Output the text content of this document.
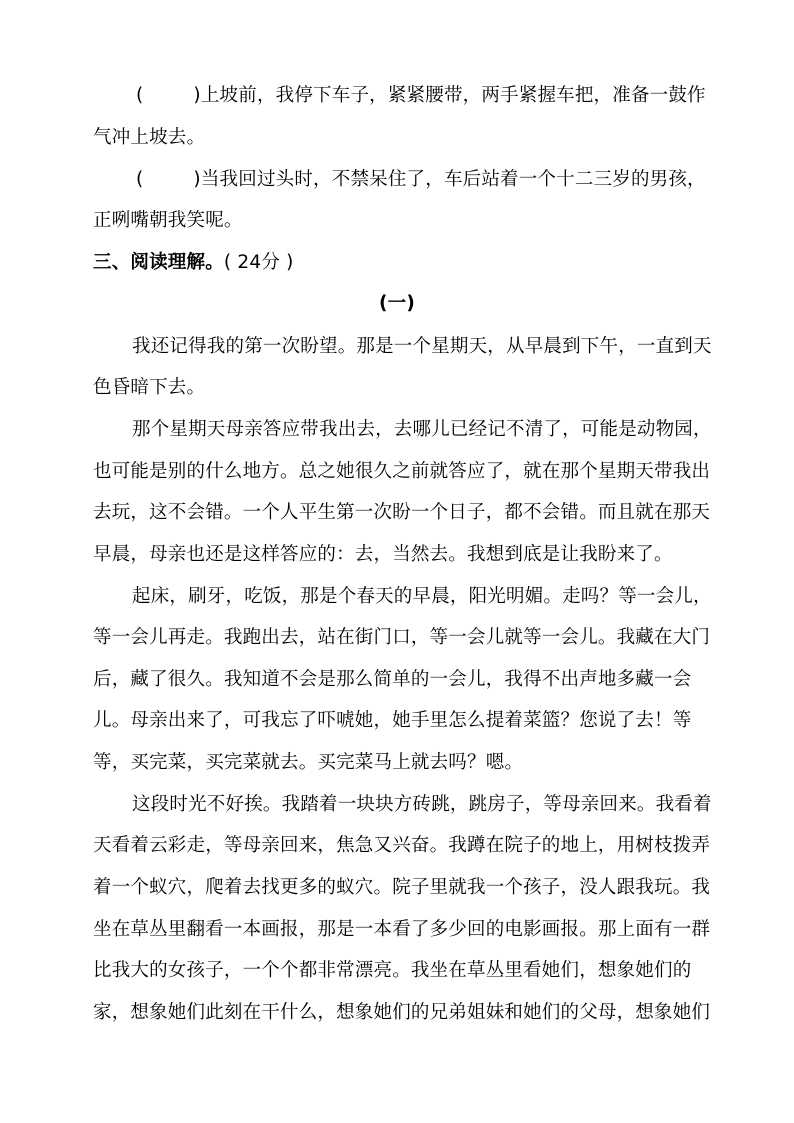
(	)上坡前，我停下车子，紧紧腰带，两手紧握车把，准备一鼓作
气冲上坡去。
(	)当我回过头时，不禁呆住了，车后站着一个十二三岁的男孩，
正咧嘴朝我笑呢。
三、阅读理解。( 24分 )
(一)
我还记得我的第一次盼望。那是一个星期天，从早晨到下午，一直到天
色昏暗下去。
那个星期天母亲答应带我出去，去哪儿已经记不清了，可能是动物园，
也可能是别的什么地方。总之她很久之前就答应了，就在那个星期天带我出
去玩，这不会错。一个人平生第一次盼一个日子，都不会错。而且就在那天
早晨，母亲也还是这样答应的：去，当然去。我想到底是让我盼来了。
起床，刷牙，吃饭，那是个春天的早晨，阳光明媚。走吗？等一会儿，
等一会儿再走。我跑出去，站在街门口，等一会儿就等一会儿。我藏在大门
后，藏了很久。我知道不会是那么简单的一会儿，我得不出声地多藏一会
儿。母亲出来了，可我忘了吓唬她，她手里怎么提着菜篮？您说了去！等
等，买完菜，买完菜就去。买完菜马上就去吗？嗯。
这段时光不好挨。我踏着一块块方砖跳，跳房子，等母亲回来。我看着
天看着云彩走，等母亲回来，焦急又兴奋。我蹲在院子的地上，用树枝拨弄
着一个蚁穴，爬着去找更多的蚁穴。院子里就我一个孩子，没人跟我玩。我
坐在草丛里翻看一本画报，那是一本看了多少回的电影画报。那上面有一群
比我大的女孩子，一个个都非常漂亮。我坐在草丛里看她们，想象她们的
家，想象她们此刻在干什么，想象她们的兄弟姐妹和她们的父母，想象她们
